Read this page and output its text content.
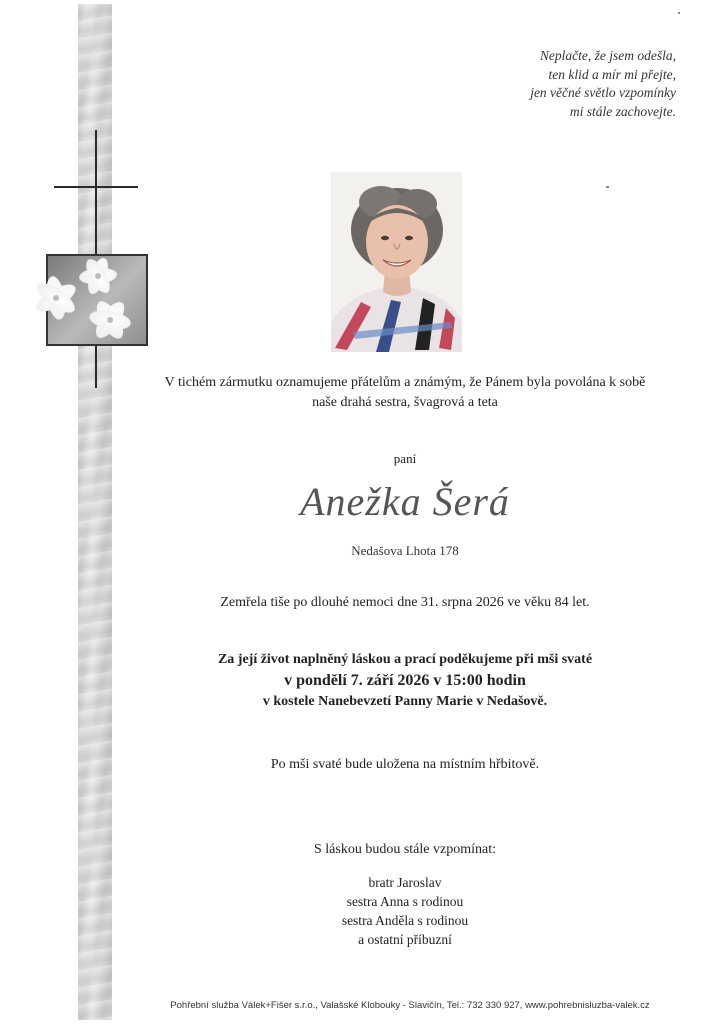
Neplačte, že jsem odešla,
ten klid a mír mi přejte,
jen věčné světlo vzpomínky
mi stále zachovejte.
V tichém zármutku oznamujeme přátelům a známým, že Pánem byla povolána k sobě
naše drahá sestra, švagrová a teta
paní
Anežka Šerá
Nedašova Lhota 178
Zemřela tiše po dlouhé nemoci dne 31. srpna 2026 ve věku 84 let.
Za její život naplněný láskou a prací poděkujeme při mši svaté
v pondělí 7. září 2026 v 15:00 hodin
v kostele Nanebevzetí Panny Marie v Nedašově.
Po mši svaté bude uložena na místním hřbitově.
S láskou budou stále vzpomínat:
bratr Jaroslav
sestra Anna s rodinou
sestra Anděla s rodinou
a ostatní příbuzní
Pohřební služba Válek+Fišer s.r.o., Valašské Klobouky - Slavičín, Tel.: 732 330 927, www.pohrebnisluzba-valek.cz
